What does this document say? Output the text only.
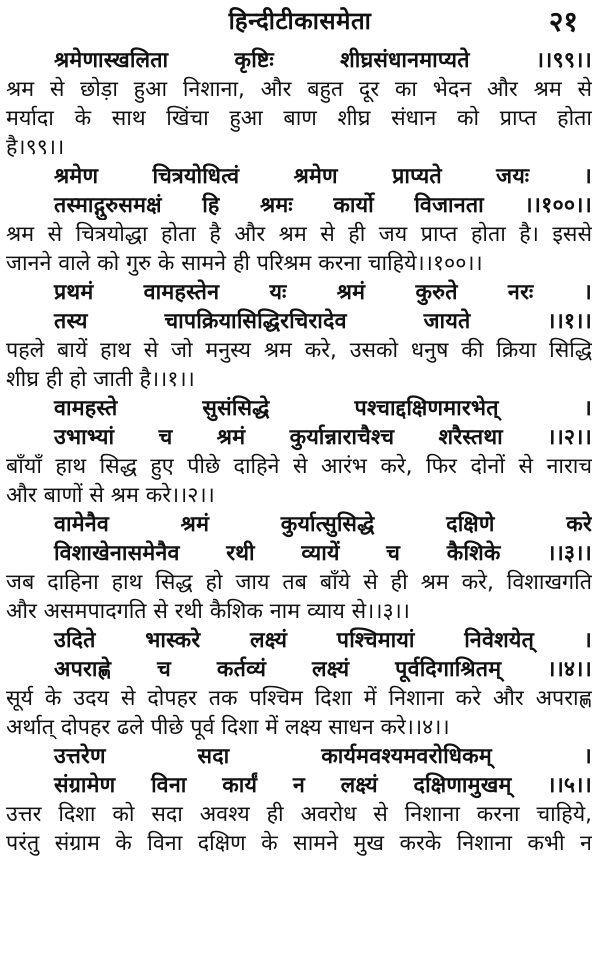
हिन्दीटीकासमेता	२१
श्रमेणास्खलिता कृष्टिः शीघ्रसंधानमाप्यते ।।९९।।
श्रम से छोड़ा हुआ निशाना, और बहुत दूर का भेदन और श्रम से
मर्यादा के साथ खिंचा हुआ बाण शीघ्र संधान को प्राप्त होता
है।९९।।
श्रमेण चित्रयोधित्वं श्रमेण प्राप्यते जयः ।
तस्माद्गुरुसमक्षं हि श्रमः कार्यो विजानता ।।१००।।
श्रम से चित्रयोद्धा होता है और श्रम से ही जय प्राप्त होता है। इससे
जानने वाले को गुरु के सामने ही परिश्रम करना चाहिये।।१००।।
प्रथमं वामहस्तेन यः श्रमं कुरुते नरः ।
तस्य चापक्रियासिद्धिरचिरादेव जायते ।।१।।
पहले बायें हाथ से जो मनुस्य श्रम करे, उसको धनुष की क्रिया सिद्धि
शीघ्र ही हो जाती है।।१।।
वामहस्ते सुसंसिद्धे पश्चाद्दक्षिणमारभेत् ।
उभाभ्यां च श्रमं कुर्यान्नाराचैश्च शरैस्तथा ।।२।।
बाँयाँ हाथ सिद्ध हुए पीछे दाहिने से आरंभ करे, फिर दोनों से नाराच
और बाणों से श्रम करे।।२।।
वामेनैव श्रमं कुर्यात्सुसिद्धे दक्षिणे करे
विशाखेनासमेनैव रथी व्यायें च कैशिके ।।३।।
जब दाहिना हाथ सिद्ध हो जाय तब बाँये से ही श्रम करे, विशाखगति
और असमपादगति से रथी कैशिक नाम व्याय से।।३।।
उदिते भास्करे लक्ष्यं पश्चिमायां निवेशयेत् ।
अपराह्णे च कर्तव्यं लक्ष्यं पूर्वदिगाश्रितम् ।।४।।
सूर्य के उदय से दोपहर तक पश्चिम दिशा में निशाना करे और अपराह्ण
अर्थात् दोपहर ढले पीछे पूर्व दिशा में लक्ष्य साधन करे।।४।।
उत्तरेण सदा कार्यमवश्यमवरोधिकम् ।
संग्रामेण विना कार्यं न लक्ष्यं दक्षिणामुखम् ।।५।।
उत्तर दिशा को सदा अवश्य ही अवरोध से निशाना करना चाहिये,
परंतु संग्राम के विना दक्षिण के सामने मुख करके निशाना कभी न
